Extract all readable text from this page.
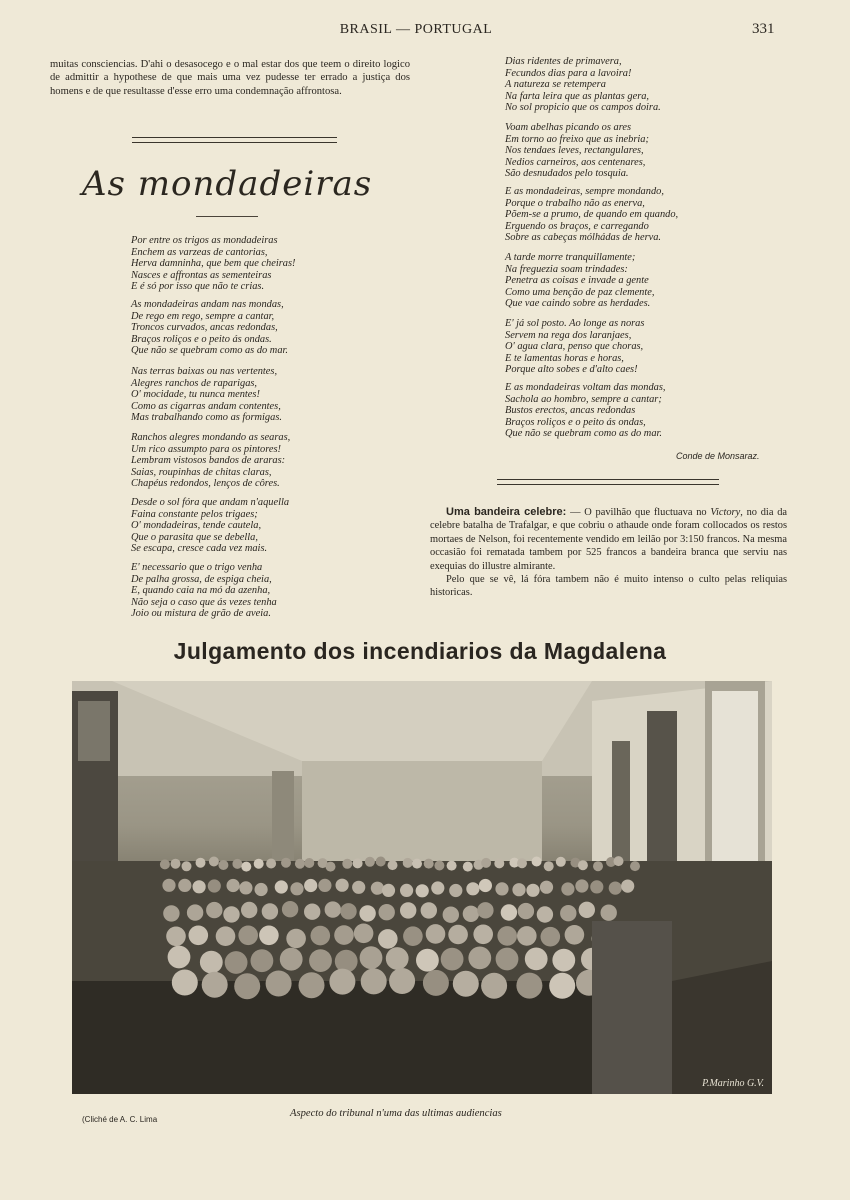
BRASIL — PORTUGAL	331
muitas consciencias. D'ahi o desasocego e o mal estar dos que teem o direito logico de admittir a hypothese de que mais uma vez pudesse ter errado a justiça dos homens e de que resultasse d'esse erro uma condemnação affrontosa.
As mondadeiras
Por entre os trigos as mondadeiras
Enchem as varzeas de cantorias,
Herva damninha, que bem que cheiras!
Nasces e affrontas as sementeiras
E é só por isso que não te crias.
As mondadeiras andam nas mondas,
De rego em rego, sempre a cantar,
Troncos curvados, ancas redondas,
Braços roliços e o peito ás ondas.
Que não se quebram como as do mar.
Nas terras baixas ou nas vertentes,
Alegres ranchos de raparigas,
O' mocidade, tu nunca mentes!
Como as cigarras andam contentes,
Mas trabalhando como as formigas.
Ranchos alegres mondando as searas,
Um rico assumpto para os pintores!
Lembram vistosos bandos de araras:
Saias, roupinhas de chitas claras,
Chapéus redondos, lenços de côres.
Desde o sol fóra que andam n'aquella
Faina constante pelos trigaes;
O' mondadeiras, tende cautela,
Que o parasita que se debella,
Se escapa, cresce cada vez mais.
E' necessario que o trigo venha
De palha grossa, de espiga cheia,
E, quando caia na mó da azenha,
Não seja o caso que ás vezes tenha
Joio ou mistura de grão de aveia.
Dias ridentes de primavera,
Fecundos dias para a lavoira!
A natureza se retempera
Na farta leira que as plantas gera,
No sol propicio que os campos doira.
Voam abelhas picando os ares
Em torno ao freixo que as inebria;
Nos tendaes leves, rectangulares,
Nedios carneiros, aos centenares,
São desnudados pelo tosquia.
E as mondadeiras, sempre mondando,
Porque o trabalho não as enerva,
Põem-se a prumo, de quando em quando,
Erguendo os braços, e carregando
Sobre as cabeças mólhádas de herva.
A tarde morre tranquillamente;
Na freguezia soam trindades:
Penetra as coisas e invade a gente
Como uma benção de paz clemente,
Que vae caindo sobre as herdades.
E' já sol posto. Ao longe as noras
Servem na rega dos laranjaes,
O' agua clara, penso que choras,
E te lamentas horas e horas,
Porque alto sobes e d'alto caes!
E as mondadeiras voltam das mondas,
Sachola ao hombro, sempre a cantar;
Bustos erectos, ancas redondas
Braços roliços e o peito ás ondas,
Que não se quebram como as do mar.
Conde de Monsaraz.

Uma bandeira celebre: — O pavilhão que fluctuava no Victory, no dia da celebre batalha de Trafalgar, e que cobriu o athaude onde foram collocados os restos mortaes de Nelson, foi recentemente vendido em leilão por 3:150 francos. Na mesma occasião foi rematada tambem por 525 francos a bandeira branca que serviu nas exequias do illustre almirante.

Pelo que se vê, lá fóra tambem não é muito intenso o culto pelas reliquias historicas.

Julgamento dos incendiarios da Magdalena
P.Marinho G.V.
(Cliché de A. C. Lima
Aspecto do tribunal n'uma das ultimas audiencias
